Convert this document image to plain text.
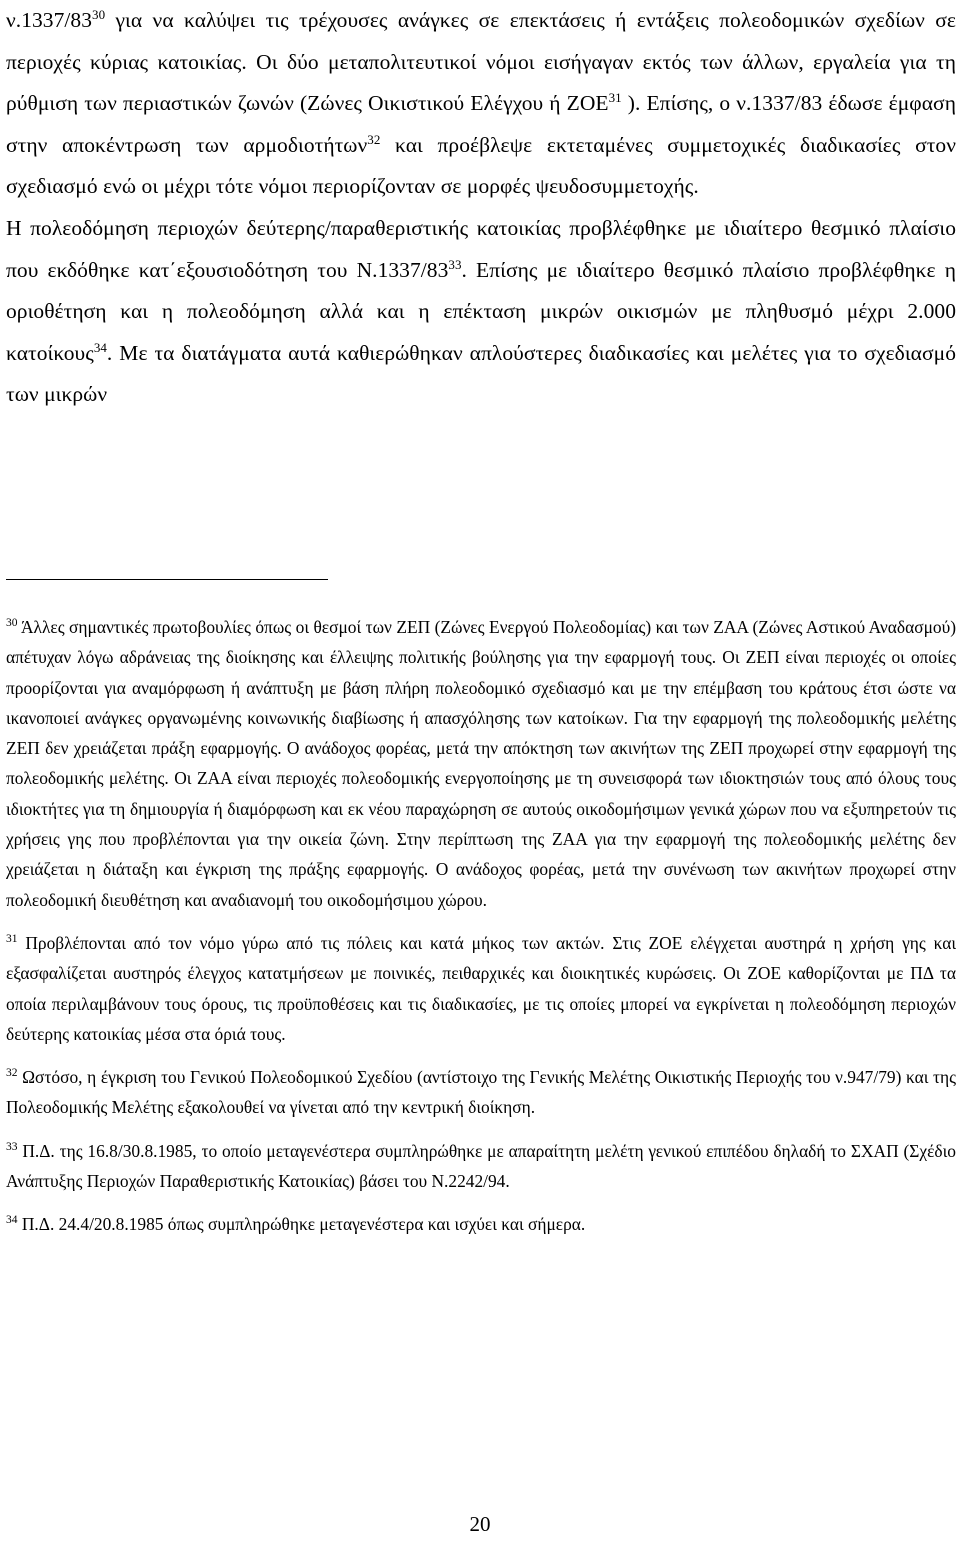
$\nu.1337/83^{30}$ για να καλύψει τις τρέχουσες ανάγκες σε επεκτάσεις ή εντάξεις πολεοδομικών σχεδίων σε περιοχές κύριας κατοικίας. Οι δύο μεταπολιτευτικοί νόμοι εισήγαγαν εκτός των άλλων, εργαλεία για τη ρύθμιση των περιαστικών ζωνών (Ζώνες Οικιστικού Ελέγχου ή ΖΟΕ$^{31}$ ). Επίσης, ο ν.1337/83 έδωσε έμφαση στην αποκέντρωση των αρμοδιοτήτων$^{32}$ και προέβλεψε εκτεταμένες συμμετοχικές διαδικασίες στον σχεδιασμό ενώ οι μέχρι τότε νόμοι περιορίζονταν σε μορφές ψευδοσυμμετοχής.

Η πολεοδόμηση περιοχών δεύτερης/παραθεριστικής κατοικίας προβλέφθηκε με ιδιαίτερο θεσμικό πλαίσιο που εκδόθηκε κατ΄εξουσιοδότηση του $N.1337/83^{33}$. Επίσης με ιδιαίτερο θεσμικό πλαίσιο προβλέφθηκε η οριοθέτηση και η πολεοδόμηση αλλά και η επέκταση μικρών οικισμών με πληθυσμό μέχρι 2.000 κατοίκους$^{34}$. Με τα διατάγματα αυτά καθιερώθηκαν απλούστερες διαδικασίες και μελέτες για το σχεδιασμό των μικρών

$^{30}$ Άλλες σημαντικές πρωτοβουλίες όπως οι θεσμοί των ΖΕΠ (Ζώνες Ενεργού Πολεοδομίας) και των ΖΑΑ (Ζώνες Αστικού Αναδασμού) απέτυχαν λόγω αδράνειας της διοίκησης και έλλειψης πολιτικής βούλησης για την εφαρμογή τους. Οι ΖΕΠ είναι περιοχές οι οποίες προορίζονται για αναμόρφωση ή ανάπτυξη με βάση πλήρη πολεοδομικό σχεδιασμό και με την επέμβαση του κράτους έτσι ώστε να ικανοποιεί ανάγκες οργανωμένης κοινωνικής διαβίωσης ή απασχόλησης των κατοίκων. Για την εφαρμογή της πολεοδομικής μελέτης ΖΕΠ δεν χρειάζεται πράξη εφαρμογής. Ο ανάδοχος φορέας, μετά την απόκτηση των ακινήτων της ΖΕΠ προχωρεί στην εφαρμογή της πολεοδομικής μελέτης. Οι ΖΑΑ είναι περιοχές πολεοδομικής ενεργοποίησης με τη συνεισφορά των ιδιοκτησιών τους από όλους τους ιδιοκτήτες για τη δημιουργία ή διαμόρφωση και εκ νέου παραχώρηση σε αυτούς οικοδομήσιμων γενικά χώρων που να εξυπηρετούν τις χρήσεις γης που προβλέπονται για την οικεία ζώνη. Στην περίπτωση της ΖΑΑ για την εφαρμογή της πολεοδομικής μελέτης δεν χρειάζεται η διάταξη και έγκριση της πράξης εφαρμογής. Ο ανάδοχος φορέας, μετά την συνένωση των ακινήτων προχωρεί στην πολεοδομική διευθέτηση και αναδιανομή του οικοδομήσιμου χώρου.

$^{31}$ Προβλέπονται από τον νόμο γύρω από τις πόλεις και κατά μήκος των ακτών. Στις ΖΟΕ ελέγχεται αυστηρά η χρήση γης και εξασφαλίζεται αυστηρός έλεγχος κατατμήσεων με ποινικές, πειθαρχικές και διοικητικές κυρώσεις. Οι ΖΟΕ καθορίζονται με ΠΔ τα οποία περιλαμβάνουν τους όρους, τις προϋποθέσεις και τις διαδικασίες, με τις οποίες μπορεί να εγκρίνεται η πολεοδόμηση περιοχών δεύτερης κατοικίας μέσα στα όριά τους.

$^{32}$ Ωστόσο, η έγκριση του Γενικού Πολεοδομικού Σχεδίου (αντίστοιχο της Γενικής Μελέτης Οικιστικής Περιοχής του ν.947/79) και της Πολεοδομικής Μελέτης εξακολουθεί να γίνεται από την κεντρική διοίκηση.

$^{33}$ Π.Δ. της 16.8/30.8.1985, το οποίο μεταγενέστερα συμπληρώθηκε με απαραίτητη μελέτη γενικού επιπέδου δηλαδή το ΣΧΑΠ (Σχέδιο Ανάπτυξης Περιοχών Παραθεριστικής Κατοικίας) βάσει του Ν.2242/94.

$^{34}$ Π.Δ. 24.4/20.8.1985 όπως συμπληρώθηκε μεταγενέστερα και ισχύει και σήμερα.

20
